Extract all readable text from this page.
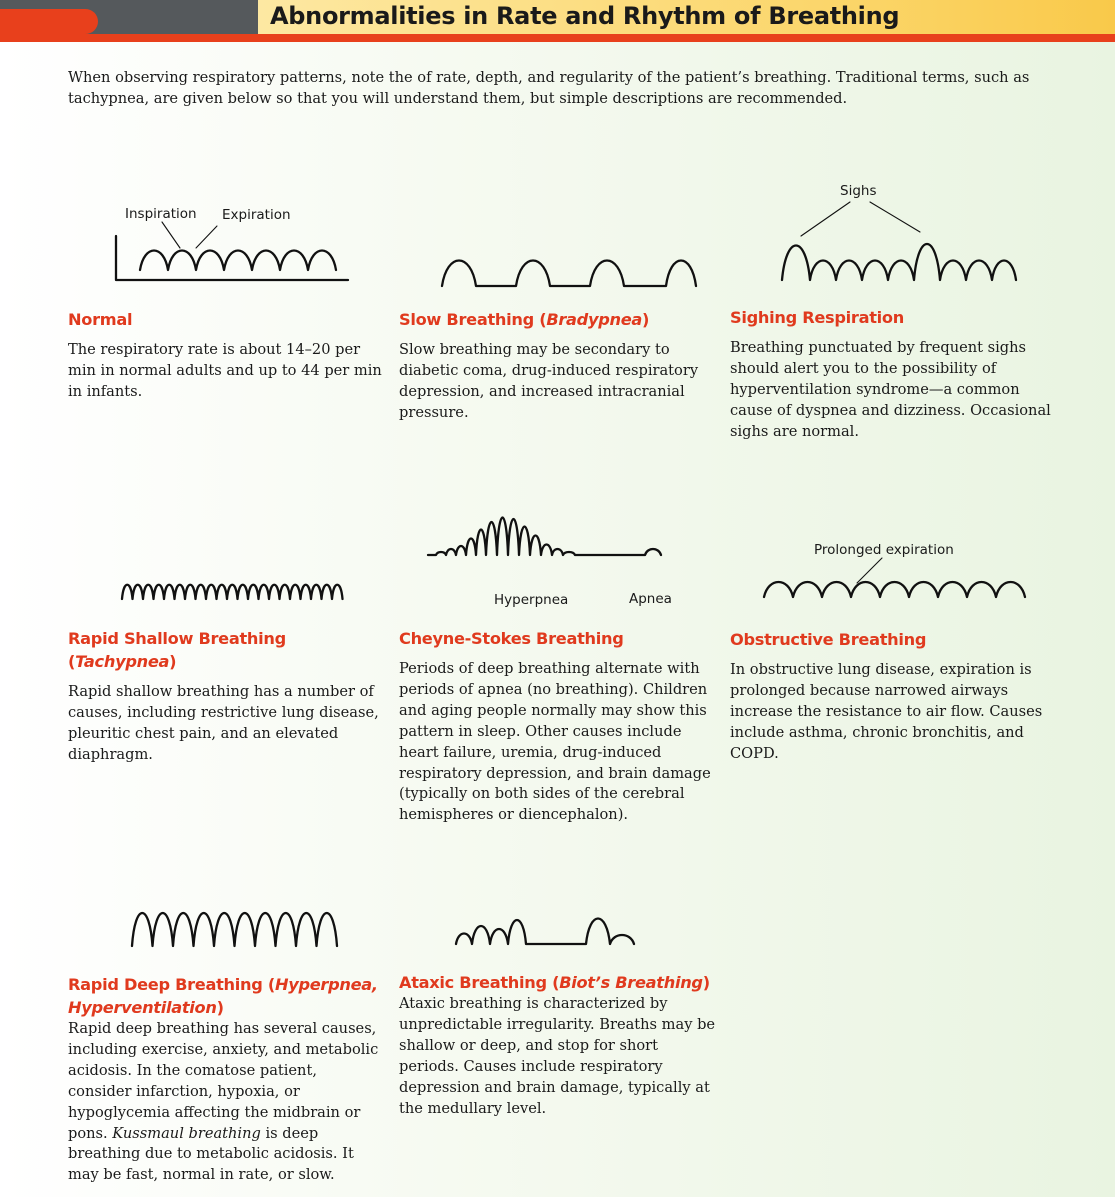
Abnormalities in Rate and Rhythm of Breathing
When observing respiratory patterns, note the of rate, depth, and regularity of the patient’s breathing. Traditional terms, such as tachypnea, are given below so that you will understand them, but simple descriptions are recommended.
Inspiration Expiration
Sighs
Hyperpnea	Apnea
Prolonged expiration
Normal

The respiratory rate is about 14–20 per min in normal adults and up to 44 per min in infants.

Slow Breathing (Bradypnea)

Slow breathing may be secondary to diabetic coma, drug-induced respiratory depression, and increased intracranial pressure.

Sighing Respiration

Breathing punctuated by frequent sighs should alert you to the possibility of hyperventilation syndrome—a common cause of dyspnea and dizziness. Occasional sighs are normal.

Rapid Shallow Breathing (Tachypnea)

Rapid shallow breathing has a number of causes, including restrictive lung disease, pleuritic chest pain, and an elevated diaphragm.

Cheyne-Stokes Breathing

Periods of deep breathing alternate with periods of apnea (no breathing). Children and aging people normally may show this pattern in sleep. Other causes include heart failure, uremia, drug-induced respiratory depression, and brain damage (typically on both sides of the cerebral hemispheres or diencephalon).

Obstructive Breathing

In obstructive lung disease, expiration is prolonged because narrowed airways increase the resistance to air flow. Causes include asthma, chronic bronchitis, and COPD.

Rapid Deep Breathing (Hyperpnea, Hyperventilation)

Rapid deep breathing has several causes, including exercise, anxiety, and metabolic acidosis. In the comatose patient, consider infarction, hypoxia, or hypoglycemia affecting the midbrain or pons. Kussmaul breathing is deep breathing due to metabolic acidosis. It may be fast, normal in rate, or slow.

Ataxic Breathing (Biot’s Breathing)

Ataxic breathing is characterized by unpredictable irregularity. Breaths may be shallow or deep, and stop for short periods. Causes include respiratory depression and brain damage, typically at the medullary level.
